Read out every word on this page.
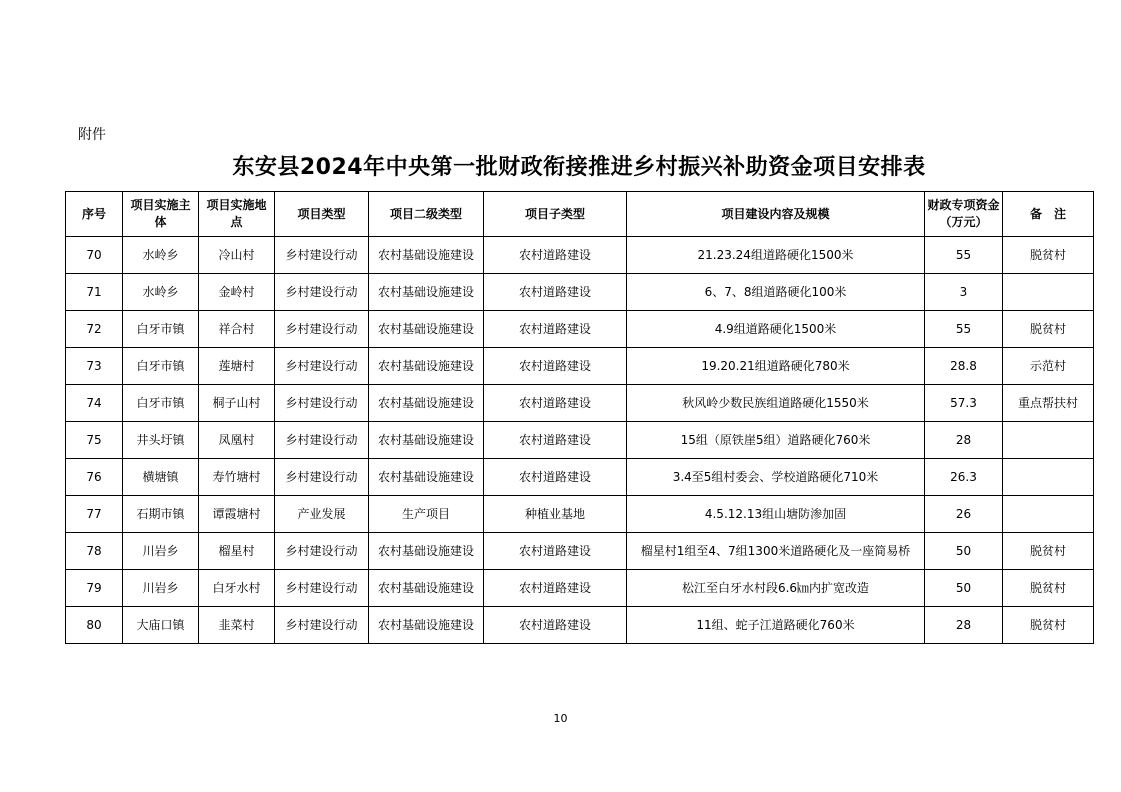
附件
东安县2024年中央第一批财政衔接推进乡村振兴补助资金项目安排表
序号	项目实施主体	项目实施地点	项目类型	项目二级类型	项目子类型	项目建设内容及规模	财政专项资金（万元）	备　注
70	水岭乡	冷山村	乡村建设行动	农村基础设施建设	农村道路建设	21.23.24组道路硬化1500米	55	脱贫村
71	水岭乡	金岭村	乡村建设行动	农村基础设施建设	农村道路建设	6、7、8组道路硬化100米	3	
72	白牙市镇	祥合村	乡村建设行动	农村基础设施建设	农村道路建设	4.9组道路硬化1500米	55	脱贫村
73	白牙市镇	莲塘村	乡村建设行动	农村基础设施建设	农村道路建设	19.20.21组道路硬化780米	28.8	示范村
74	白牙市镇	桐子山村	乡村建设行动	农村基础设施建设	农村道路建设	秋风岭少数民族组道路硬化1550米	57.3	重点帮扶村
75	井头圩镇	凤凰村	乡村建设行动	农村基础设施建设	农村道路建设	15组（原铁崖5组）道路硬化760米	28	
76	横塘镇	寿竹塘村	乡村建设行动	农村基础设施建设	农村道路建设	3.4至5组村委会、学校道路硬化710米	26.3	
77	石期市镇	谭霞塘村	产业发展	生产项目	种植业基地	4.5.12.13组山塘防渗加固	26	
78	川岩乡	榴星村	乡村建设行动	农村基础设施建设	农村道路建设	榴星村1组至4、7组1300米道路硬化及一座简易桥	50	脱贫村
79	川岩乡	白牙水村	乡村建设行动	农村基础设施建设	农村道路建设	松江至白牙水村段6.6㎞内扩宽改造	50	脱贫村
80	大庙口镇	韭菜村	乡村建设行动	农村基础设施建设	农村道路建设	11组、蛇子江道路硬化760米	28	脱贫村
10
